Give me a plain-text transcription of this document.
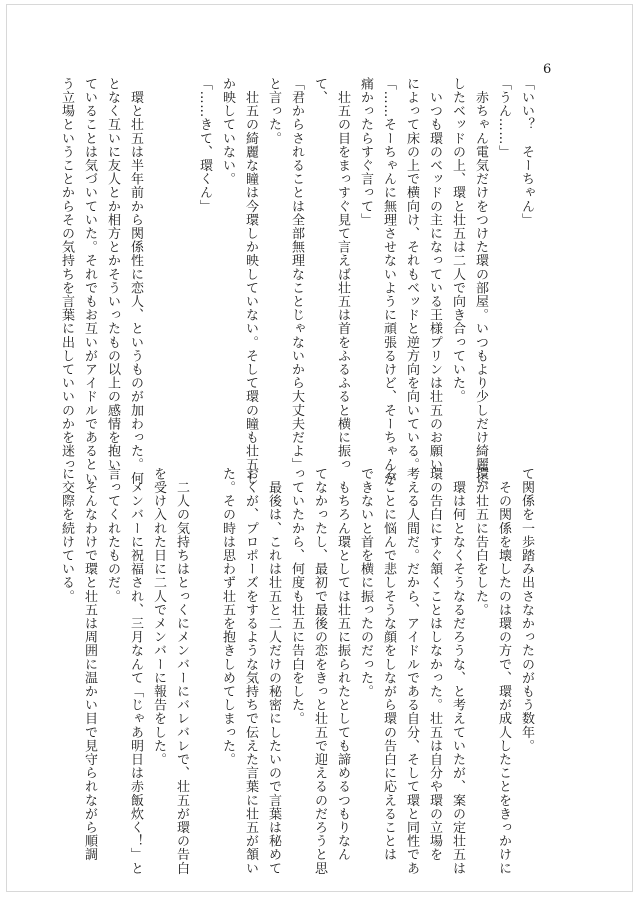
6

「いい？　そーちゃん」

「うん……」

　赤ちゃん電気だけをつけた環の部屋。いつもより少しだけ綺麗に

したベッドの上、環と壮五は二人で向き合っていた。

　いつも環のベッドの主になっている王様プリンは壮五のお願い

によって床の上で横向け、それもベッドと逆方向を向いている。

「……そーちゃんに無理させないように頑張るけど、そーちゃんが

痛かったらすぐ言って」

　壮五の目をまっすぐ見て言えば壮五は首をふるふると横に振っ

て、

「君からされることは全部無理なことじゃないから大丈夫だよ」

と言った。

　壮五の綺麗な瞳は今環しか映していない。そして環の瞳も壮五し

か映していない。

「……きて、環くん」

　環と壮五は半年前から関係性に恋人、というものが加わった。何

となく互いに友人とか相方とかそういったもの以上の感情を抱い

ていることは気づいていた。それでもお互いがアイドルであるとい

う立場ということからその気持ちを言葉に出していいのかを迷っ

て関係を一歩踏み出さなかったのがもう数年。

　その関係を壊したのは環の方で、環が成人したことをきっかけに

環が壮五に告白をした。

　環は何となくそうなるだろうな、と考えていたが、案の定壮五は

環の告白にすぐ頷くことはしなかった。壮五は自分や環の立場を

考える人間だ。だから、アイドルである自分、そして環と同性であ

ることに悩んで悲しそうな顔をしながら環の告白に応えることは

できないと首を横に振ったのだった。

　もちろん環としては壮五に振られたとしても諦めるつもりなん

てなかったし、最初で最後の恋をきっと壮五で迎えるのだろうと思

っていたから、何度も壮五に告白をした。

　最後は、これは壮五と二人だけの秘密にしたいので言葉は秘めて

おくが、プロポーズをするような気持ちで伝えた言葉に壮五が頷い

た。その時は思わず壮五を抱きしめてしまった。

　二人の気持ちはとっくにメンバーにバレバレで、壮五が環の告白

を受け入れた日に二人でメンバーに報告をした。

　メンバーに祝福され、三月なんて「じゃあ明日は赤飯炊く！」と

言ってくれたものだ。

　そんなわけで環と壮五は周囲に温かい目で見守られながら順調

に交際を続けている。
